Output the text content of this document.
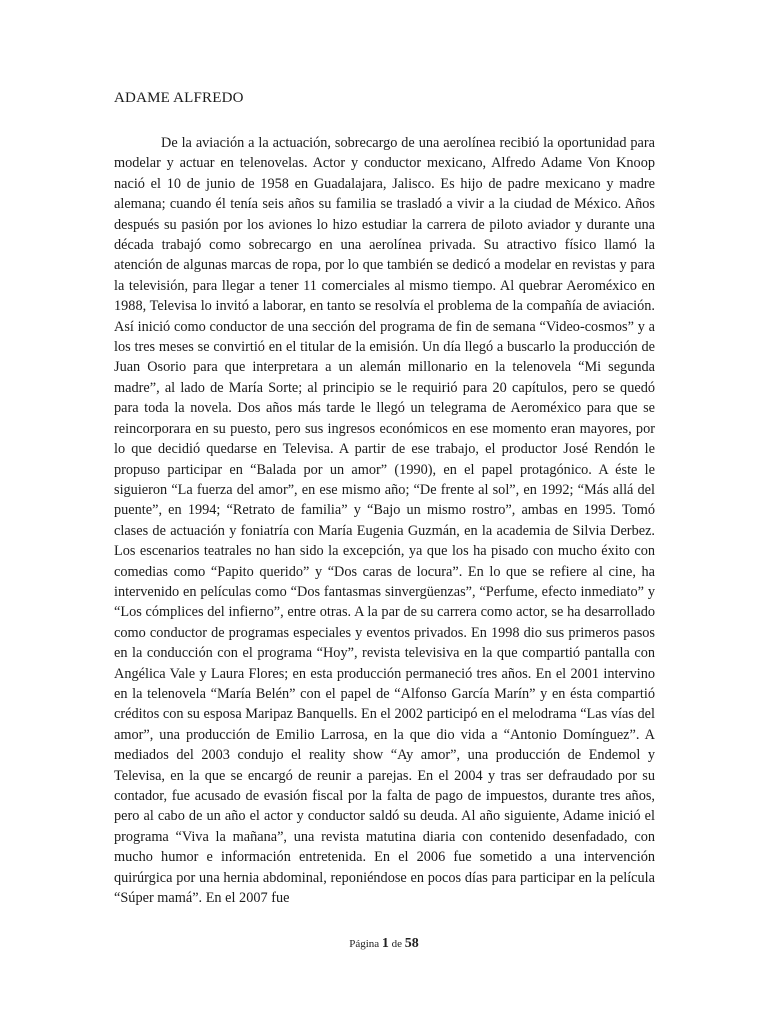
ADAME ALFREDO

De la aviación a la actuación, sobrecargo de una aerolínea recibió la oportunidad para modelar y actuar en telenovelas. Actor y conductor mexicano, Alfredo Adame Von Knoop nació el 10 de junio de 1958 en Guadalajara, Jalisco. Es hijo de padre mexicano y madre alemana; cuando él tenía seis años su familia se trasladó a vivir a la ciudad de México. Años después su pasión por los aviones lo hizo estudiar la carrera de piloto aviador y durante una década trabajó como sobrecargo en una aerolínea privada. Su atractivo físico llamó la atención de algunas marcas de ropa, por lo que también se dedicó a modelar en revistas y para la televisión, para llegar a tener 11 comerciales al mismo tiempo. Al quebrar Aeroméxico en 1988, Televisa lo invitó a laborar, en tanto se resolvía el problema de la compañía de aviación. Así inició como conductor de una sección del programa de fin de semana “Video-cosmos” y a los tres meses se convirtió en el titular de la emisión. Un día llegó a buscarlo la producción de Juan Osorio para que interpretara a un alemán millonario en la telenovela “Mi segunda madre”, al lado de María Sorte; al principio se le requirió para 20 capítulos, pero se quedó para toda la novela. Dos años más tarde le llegó un telegrama de Aeroméxico para que se reincorporara en su puesto, pero sus ingresos económicos en ese momento eran mayores, por lo que decidió quedarse en Televisa. A partir de ese trabajo, el productor José Rendón le propuso participar en “Balada por un amor” (1990), en el papel protagónico. A éste le siguieron “La fuerza del amor”, en ese mismo año; “De frente al sol”, en 1992; “Más allá del puente”, en 1994; “Retrato de familia” y “Bajo un mismo rostro”, ambas en 1995. Tomó clases de actuación y foniatría con María Eugenia Guzmán, en la academia de Silvia Derbez. Los escenarios teatrales no han sido la excepción, ya que los ha pisado con mucho éxito con comedias como “Papito querido” y “Dos caras de locura”. En lo que se refiere al cine, ha intervenido en películas como “Dos fantasmas sinvergüenzas”, “Perfume, efecto inmediato” y “Los cómplices del infierno”, entre otras. A la par de su carrera como actor, se ha desarrollado como conductor de programas especiales y eventos privados. En 1998 dio sus primeros pasos en la conducción con el programa “Hoy”, revista televisiva en la que compartió pantalla con Angélica Vale y Laura Flores; en esta producción permaneció tres años. En el 2001 intervino en la telenovela “María Belén” con el papel de “Alfonso García Marín” y en ésta compartió créditos con su esposa Maripaz Banquells. En el 2002 participó en el melodrama “Las vías del amor”, una producción de Emilio Larrosa, en la que dio vida a “Antonio Domínguez”. A mediados del 2003 condujo el reality show “Ay amor”, una producción de Endemol y Televisa, en la que se encargó de reunir a parejas. En el 2004 y tras ser defraudado por su contador, fue acusado de evasión fiscal por la falta de pago de impuestos, durante tres años, pero al cabo de un año el actor y conductor saldó su deuda. Al año siguiente, Adame inició el programa “Viva la mañana”, una revista matutina diaria con contenido desenfadado, con mucho humor e información entretenida. En el 2006 fue sometido a una intervención quirúrgica por una hernia abdominal, reponiéndose en pocos días para participar en la película “Súper mamá”. En el 2007 fue

Página 1 de 58
